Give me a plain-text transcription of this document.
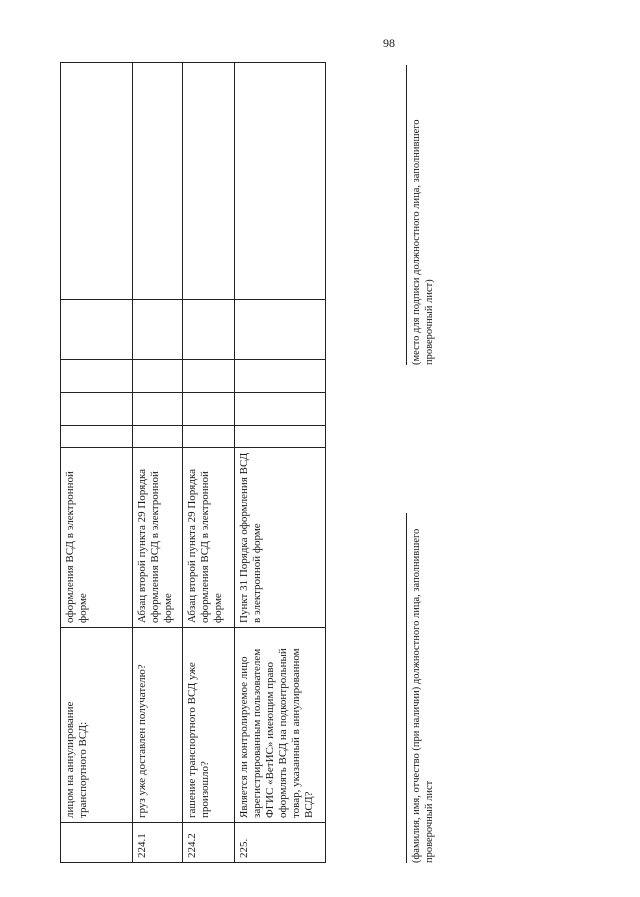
98
	лицом на аннулирование транспортного ВСД:	оформления ВСД в электронной форме					
224.1	груз уже доставлен получателю?	Абзац второй пункта 29 Порядка оформления ВСД в электронной форме					
224.2	гашение транспортного ВСД уже произошло?	Абзац второй пункта 29 Порядка оформления ВСД в электронной форме					
225.	Является ли контролируемое лицо зарегистрированным пользователем ФГИС «ВетИС» имеющим право оформлять ВСД на подконтрольный товар, указанный в аннулированном ВСД?	Пункт 31 Порядка оформления ВСД в электронной форме						(фамилия, имя, отчество (при наличии) должностного лица, заполнившего проверочный лист
(место для подписи должностного лица, заполнившего проверочный лист)
